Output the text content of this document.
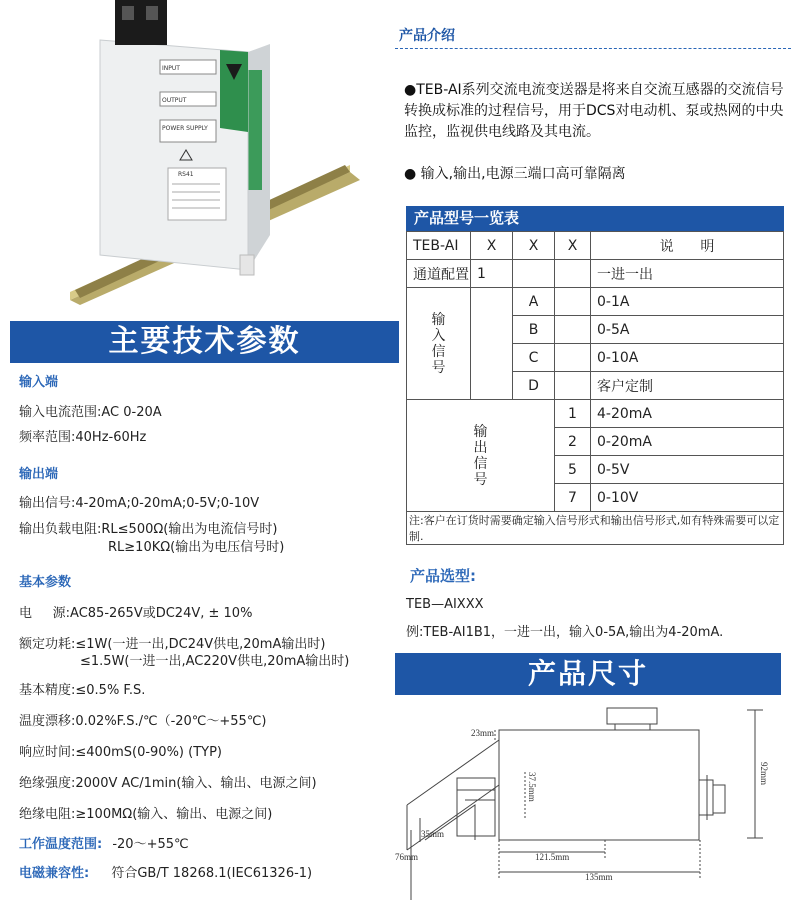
INPUT
OUTPUT
POWER SUPPLY
RS41
主要技术参数
输入端
输入电流范围:AC 0-20A
频率范围:40Hz-60Hz
输出端
输出信号:4-20mA;0-20mA;0-5V;0-10V
输出负载电阻:RL≤500Ω(输出为电流信号时)
RL≥10KΩ(输出为电压信号时)
基本参数
电     源:AC85-265V或DC24V, ± 10%
额定功耗:≤1W(一进一出,DC24V供电,20mA输出时)
≤1.5W(一进一出,AC220V供电,20mA输出时)
基本精度:≤0.5% F.S.
温度漂移:0.02%F.S./℃（-20℃～+55℃)
响应时间:≤400mS(0-90%) (TYP)
绝缘强度:2000V AC/1min(输入、输出、电源之间)
绝缘电阻:≥100MΩ(输入、输出、电源之间)
工作温度范围: -20～+55℃
电磁兼容性: 符合GB/T 18268.1(IEC61326-1)
产品介绍
●TEB-AI系列交流电流变送器是将来自交流互感器的交流信号转换成标准的过程信号，用于DCS对电动机、泵或热网的中央监控，监视供电线路及其电流。
● 输入,输出,电源三端口高可靠隔离
产品型号一览表
TEB-AI	X	X	X	说      明
通道配置	1			一进一出
输入信号		A		0-1A
		B		0-5A
		C		0-10A
		D		客户定制
输出信号			1	4-20mA
			2	0-20mA
			5	0-5V
			7	0-10V
注:客户在订货时需要确定输入信号形式和输出信号形式,如有特殊需要可以定制.				
产品选型:
TEB—AIXXX
例:TEB-AI1B1，一进一出，输入0-5A,输出为4-20mA.
产品尺寸
23mm
92mm
37.5mm
35mm
76mm	121.5mm
135mm
